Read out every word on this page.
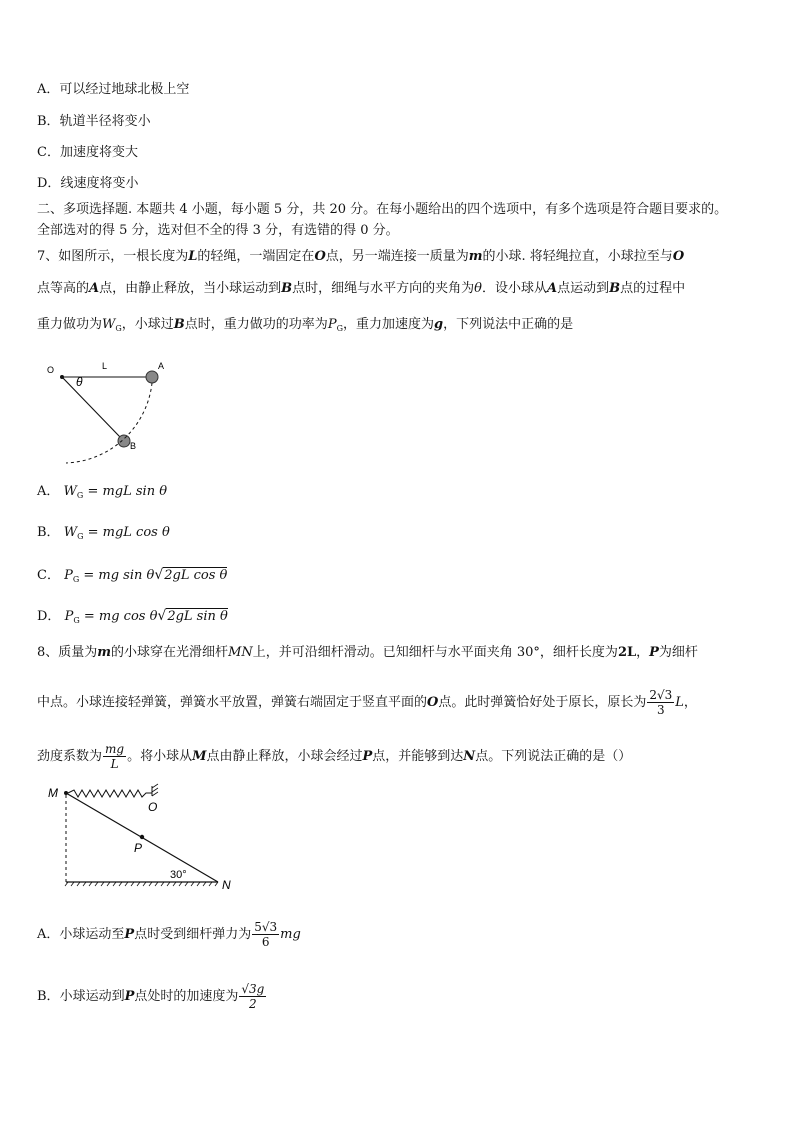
A．可以经过地球北极上空
B．轨道半径将变小
C．加速度将变大
D．线速度将变小
二、多项选择题. 本题共 4 小题，每小题 5 分，共 20 分。在每小题给出的四个选项中，有多个选项是符合题目要求的。
全部选对的得 5 分，选对但不全的得 3 分，有选错的得 0 分。
7、如图所示，一根长度为L的轻绳，一端固定在O点，另一端连接一质量为m的小球. 将轻绳拉直，小球拉至与O
点等高的A点，由静止释放，当小球运动到B点时，细绳与水平方向的夹角为θ．设小球从A点运动到B点的过程中
重力做功为$W_G$，小球过B点时，重力做功的功率为$P_G$，重力加速度为g，下列说法中正确的是
O	L
θ
A
B
A． $W_G$ = mgL sin θ
B． $W_G$ = mgL cos θ
C． $P_G$ = mg sin θ√2gL cos θ
D． $P_G$ = mg cos θ√2gL sin θ
8、质量为m的小球穿在光滑细杆MN上，并可沿细杆滑动。已知细杆与水平面夹角 30°，细杆长度为2L，P为细杆
中点。小球连接轻弹簧，弹簧水平放置，弹簧右端固定于竖直平面的O点。此时弹簧恰好处于原长，原长为 $\frac{2√3}{3}$ L，
劲度系数为 $\frac{mg}{L}$ 。将小球从M点由静止释放，小球会经过P点，并能够到达N点。下列说法正确的是（）
M
O
P
30°
N
A．小球运动至P点时受到细杆弹力为 $\frac{5√3}{6}$ mg
B．小球运动到P点处时的加速度为 $\frac{√3g}{2}$
